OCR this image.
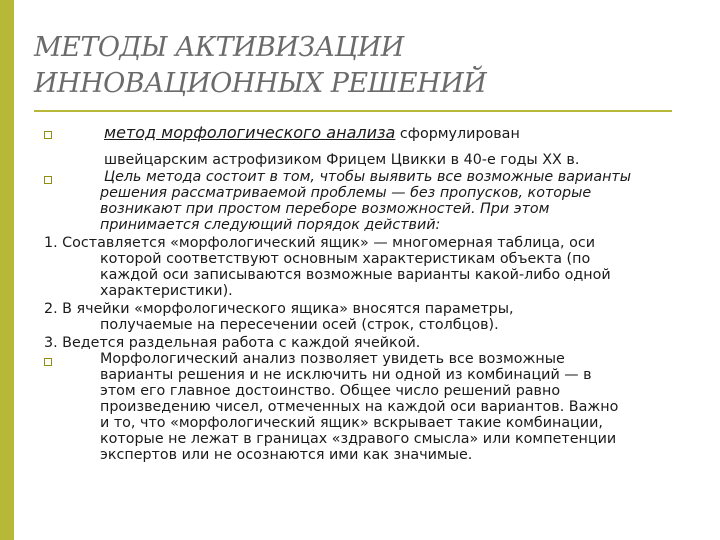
МЕТОДЫ АКТИВИЗАЦИИ
ИННОВАЦИОННЫХ РЕШЕНИЙ
метод морфологического анализа сформулирован
швейцарским астрофизиком Фрицем Цвикки в 40-е годы XX в.
Цель метода состоит в том, чтобы выявить все возможные варианты
решения рассматриваемой проблемы — без пропусков, которые
возникают при простом переборе возможностей. При этом
принимается следующий порядок действий:
1. Составляется «морфологический ящик» — многомерная таблица, оси
которой соответствуют основным характеристикам объекта (по
каждой оси записываются возможные варианты какой-либо одной
характеристики).
2. В ячейки «морфологического ящика» вносятся параметры,
получаемые на пересечении осей (строк, столбцов).
3. Ведется раздельная работа с каждой ячейкой.
Морфологический анализ позволяет увидеть все возможные
варианты решения и не исключить ни одной из комбинаций — в
этом его главное достоинство. Общее число решений равно
произведению чисел, отмеченных на каждой оси вариантов. Важно
и то, что «морфологический ящик» вскрывает такие комбинации,
которые не лежат в границах «здравого смысла» или компетенции
экспертов или не осознаются ими как значимые.
